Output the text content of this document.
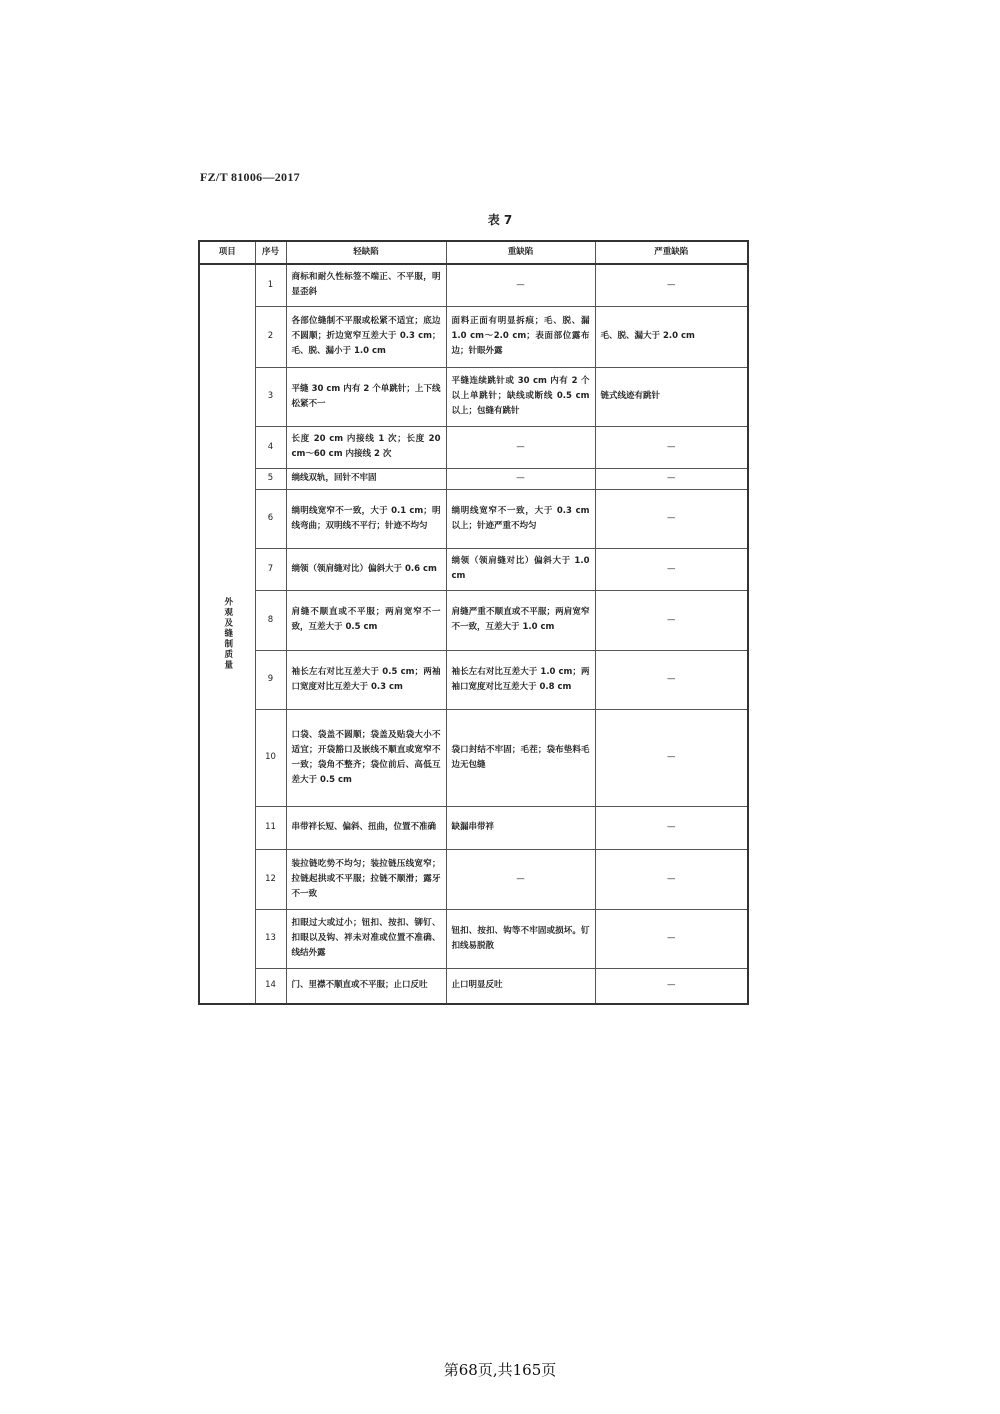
FZ/T 81006—2017
表 7
项目	序号	轻缺陷	重缺陷	严重缺陷
外观及缝制质量	1	商标和耐久性标签不端正、不平服，明显歪斜	—	—
	2	各部位缝制不平服或松紧不适宜；底边不圆顺；折边宽窄互差大于 0.3 cm；毛、脱、漏小于 1.0 cm	面料正面有明显拆痕；毛、脱、漏 1.0 cm～2.0 cm；表面部位露布边；针眼外露	毛、脱、漏大于 2.0 cm
	3	平缝 30 cm 内有 2 个单跳针；上下线松紧不一	平缝连续跳针或 30 cm 内有 2 个以上单跳针；缺线或断线 0.5 cm 以上；包缝有跳针	链式线迹有跳针
	4	长度 20 cm 内接线 1 次；长度 20 cm～60 cm 内接线 2 次	—	—
	5	绱线双轨，回针不牢固	—	—
	6	绱明线宽窄不一致，大于 0.1 cm；明线弯曲；双明线不平行；针迹不均匀	绱明线宽窄不一致，大于 0.3 cm 以上；针迹严重不均匀	—
	7	绱领（领肩缝对比）偏斜大于 0.6 cm	绱领（领肩缝对比）偏斜大于 1.0 cm	—
	8	肩缝不顺直或不平服；两肩宽窄不一致，互差大于 0.5 cm	肩缝严重不顺直或不平服；两肩宽窄不一致，互差大于 1.0 cm	—
	9	袖长左右对比互差大于 0.5 cm；两袖口宽度对比互差大于 0.3 cm	袖长左右对比互差大于 1.0 cm；两袖口宽度对比互差大于 0.8 cm	—
	10	口袋、袋盖不圆顺；袋盖及贴袋大小不适宜；开袋豁口及嵌线不顺直或宽窄不一致；袋角不整齐；袋位前后、高低互差大于 0.5 cm	袋口封结不牢固；毛茬；袋布垫料毛边无包缝	—
	11	串带袢长短、偏斜、扭曲，位置不准确	缺漏串带袢	—
	12	装拉链吃势不均匀；装拉链压线宽窄；拉链起拱或不平服；拉链不顺滑；露牙不一致	—	—
	13	扣眼过大或过小；钮扣、按扣、铆钉、扣眼以及钩、袢未对准或位置不准确、线结外露	钮扣、按扣、钩等不牢固或损坏。钉扣线易脱散	—
	14	门、里襟不顺直或不平服；止口反吐	止口明显反吐	—
第68页,共165页
